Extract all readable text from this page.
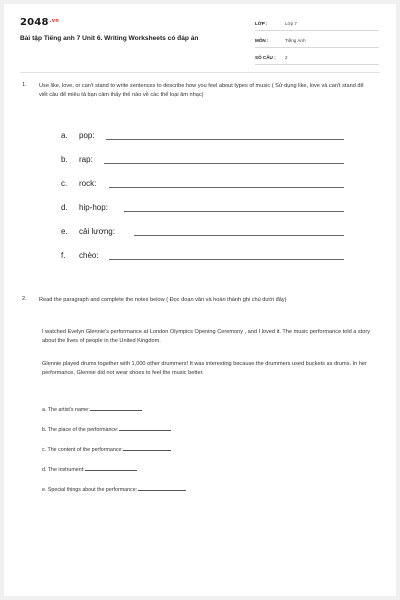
$2048^{.vn}$
Bài tập Tiếng anh 7 Unit 6. Writing Worksheets có đáp án
LỚP :	Lớp 7
MÔN :	Tiếng Anh
SỐ CÂU : 2
1. Use like, love, or can't stand to write sentences to describe how you feel about types of music ( Sử dụng like, love và can't stand để viết câu để miêu tả bạn cảm thấy thế nào về các thể loại âm nhạc)
a. pop:
b. rap:
c. rock:
d. hip-hop:
e. cải lương:
f. chèo:
2. Read the paragraph and complete the notes below ( Đọc đoạn văn và hoàn thành ghi chú dưới đây)
I watched Evelyn Glennie's performance at London Olympics Opening Ceremony , and I loved it. The music performance told a story about the lives of people in the United Kingdom.
Glennie played drums together with 1,000 other drummers! It was interesting because the drummers used buckets as drums. In her performance, Glennie did not wear shoes to feel the music better.
a. The artist's name:
b. The place of the performance:
c. The content of the performance:
d. The instrument:
e. Special things about the performance:
